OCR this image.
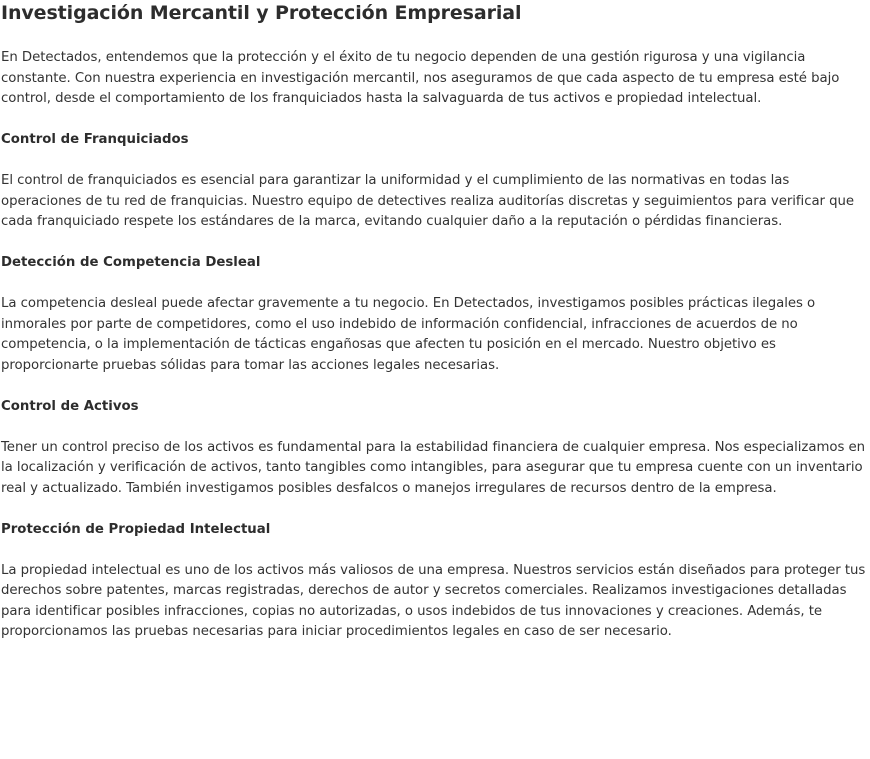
Investigación Mercantil y Protección Empresarial

En Detectados, entendemos que la protección y el éxito de tu negocio dependen de una gestión rigurosa y una vigilancia constante. Con nuestra experiencia en investigación mercantil, nos aseguramos de que cada aspecto de tu empresa esté bajo control, desde el comportamiento de los franquiciados hasta la salvaguarda de tus activos e propiedad intelectual.

Control de Franquiciados

El control de franquiciados es esencial para garantizar la uniformidad y el cumplimiento de las normativas en todas las operaciones de tu red de franquicias. Nuestro equipo de detectives realiza auditorías discretas y seguimientos para verificar que cada franquiciado respete los estándares de la marca, evitando cualquier daño a la reputación o pérdidas financieras.

Detección de Competencia Desleal

La competencia desleal puede afectar gravemente a tu negocio. En Detectados, investigamos posibles prácticas ilegales o inmorales por parte de competidores, como el uso indebido de información confidencial, infracciones de acuerdos de no competencia, o la implementación de tácticas engañosas que afecten tu posición en el mercado. Nuestro objetivo es proporcionarte pruebas sólidas para tomar las acciones legales necesarias.

Control de Activos

Tener un control preciso de los activos es fundamental para la estabilidad financiera de cualquier empresa. Nos especializamos en la localización y verificación de activos, tanto tangibles como intangibles, para asegurar que tu empresa cuente con un inventario real y actualizado. También investigamos posibles desfalcos o manejos irregulares de recursos dentro de la empresa.

Protección de Propiedad Intelectual

La propiedad intelectual es uno de los activos más valiosos de una empresa. Nuestros servicios están diseñados para proteger tus derechos sobre patentes, marcas registradas, derechos de autor y secretos comerciales. Realizamos investigaciones detalladas para identificar posibles infracciones, copias no autorizadas, o usos indebidos de tus innovaciones y creaciones. Además, te proporcionamos las pruebas necesarias para iniciar procedimientos legales en caso de ser necesario.
